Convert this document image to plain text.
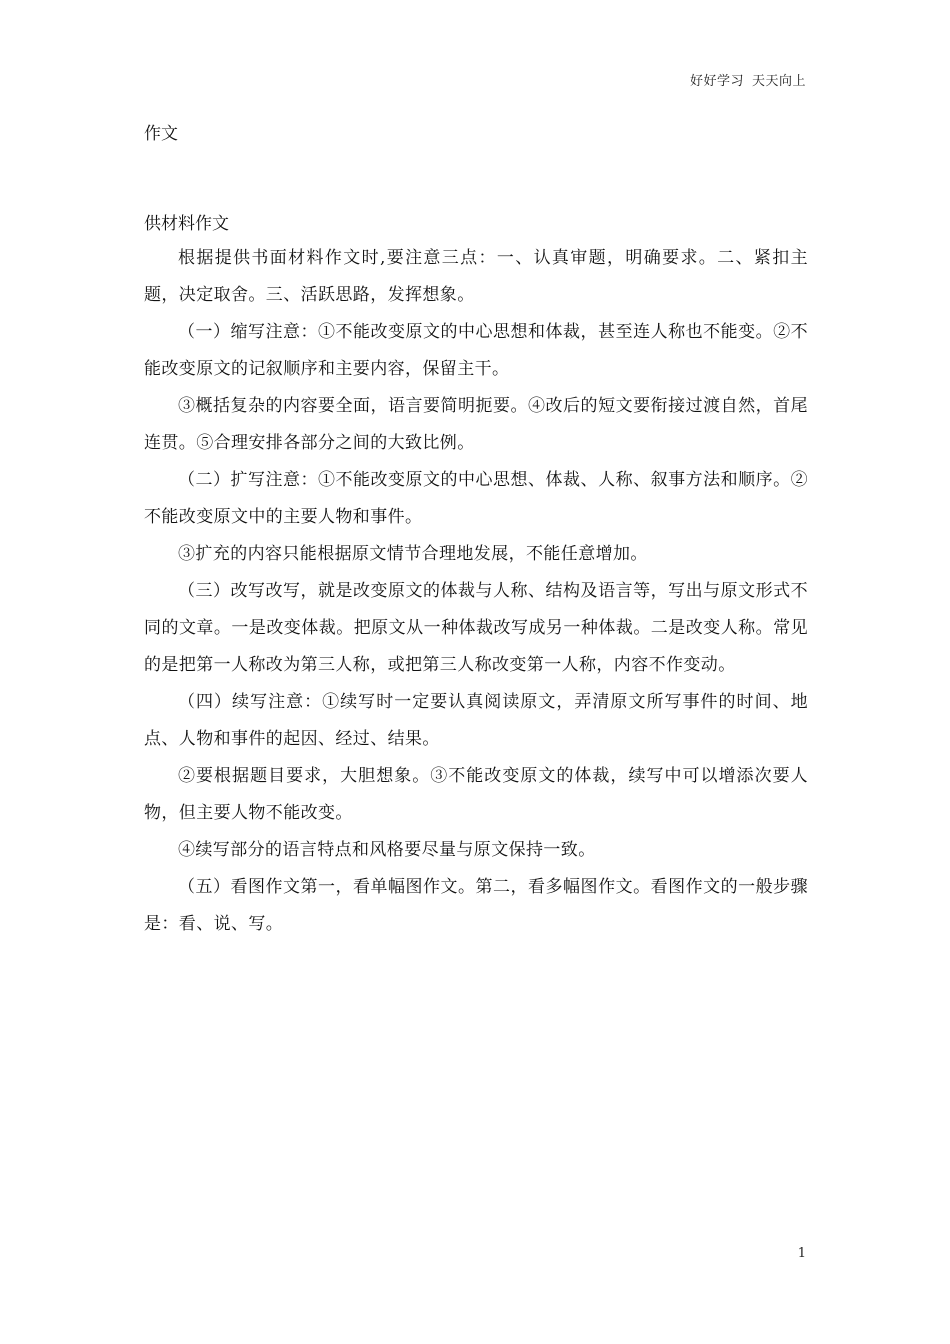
好好学习 天天向上

作文

供材料作文

根据提供书面材料作文时,要注意三点：一、认真审题，明确要求。二、紧扣主题，决定取舍。三、活跃思路，发挥想象。

（一）缩写注意：①不能改变原文的中心思想和体裁，甚至连人称也不能变。②不能改变原文的记叙顺序和主要内容，保留主干。

③概括复杂的内容要全面，语言要简明扼要。④改后的短文要衔接过渡自然，首尾连贯。⑤合理安排各部分之间的大致比例。

（二）扩写注意：①不能改变原文的中心思想、体裁、人称、叙事方法和顺序。②不能改变原文中的主要人物和事件。

③扩充的内容只能根据原文情节合理地发展，不能任意增加。

（三）改写改写，就是改变原文的体裁与人称、结构及语言等，写出与原文形式不同的文章。一是改变体裁。把原文从一种体裁改写成另一种体裁。二是改变人称。常见的是把第一人称改为第三人称，或把第三人称改变第一人称，内容不作变动。

（四）续写注意：①续写时一定要认真阅读原文，弄清原文所写事件的时间、地点、人物和事件的起因、经过、结果。

②要根据题目要求，大胆想象。③不能改变原文的体裁，续写中可以增添次要人物，但主要人物不能改变。

④续写部分的语言特点和风格要尽量与原文保持一致。

（五）看图作文第一，看单幅图作文。第二，看多幅图作文。看图作文的一般步骤是：看、说、写。

1
